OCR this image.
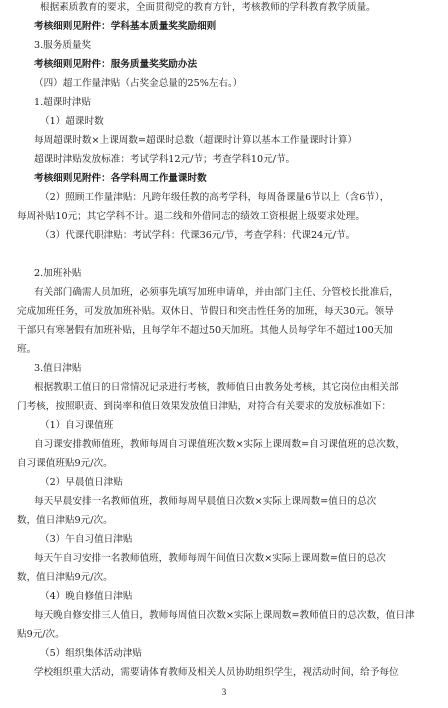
根据素质教育的要求，全面贯彻党的教育方针，考核教师的学科教育教学质量。
考核细则见附件：学科基本质量奖奖励细则
3.服务质量奖
考核细则见附件：服务质量奖奖励办法
（四）超工作量津贴（占奖金总量的25%左右。）
1.超课时津贴
（1）超课时数
每周超课时数×上课周数=超课时总数（超课时计算以基本工作量课时计算）
超课时津贴发放标准：考试学科12元/节；考查学科10元/节。
考核细则见附件：各学科周工作量课时数
（2）照顾工作量津贴：凡跨年级任教的高考学科，每周备课量6节以上（含6节），
每周补贴10元；其它学科不计。退二线和外借同志的绩效工资根据上级要求处理。
（3）代课代职津贴：考试学科：代课36元/节，考查学科：代课24元/节。
2.加班补贴
有关部门确需人员加班，必须事先填写加班申请单，并由部门主任、分管校长批准后，
完成加班任务，可发放加班补贴。双休日、节假日和突击性任务的加班，每天30元。领导
干部只有寒暑假有加班补贴，且每学年不超过50天加班。其他人员每学年不超过100天加
班。
3.值日津贴
根据教职工值日的日常情况记录进行考核，教师值日由教务处考核，其它岗位由相关部
门考核，按照职责、到岗率和值日效果发放值日津贴，对符合有关要求的发放标准如下：
（1）自习课值班
自习课安排教师值班，教师每周自习课值班次数×实际上课周数=自习课值班的总次数，
自习课值班贴9元/次。
（2）早晨值日津贴
每天早晨安排一名教师值班，教师每周早晨值日次数×实际上课周数=值日的总次
数，值日津贴9元/次。
（3）午自习值日津贴
每天午自习安排一名教师值班，教师每周午间值日次数×实际上课周数=值日的总次
数，值日津贴9元/次。
（4）晚自修值日津贴
每天晚自修安排三人值日，教师每周值日次数×实际上课周数=教师值日的总次数，值日津
贴9元/次。
（5）组织集体活动津贴
学校组织重大活动，需要请体育教师及相关人员协助组织学生，视活动时间，给予每位
3
